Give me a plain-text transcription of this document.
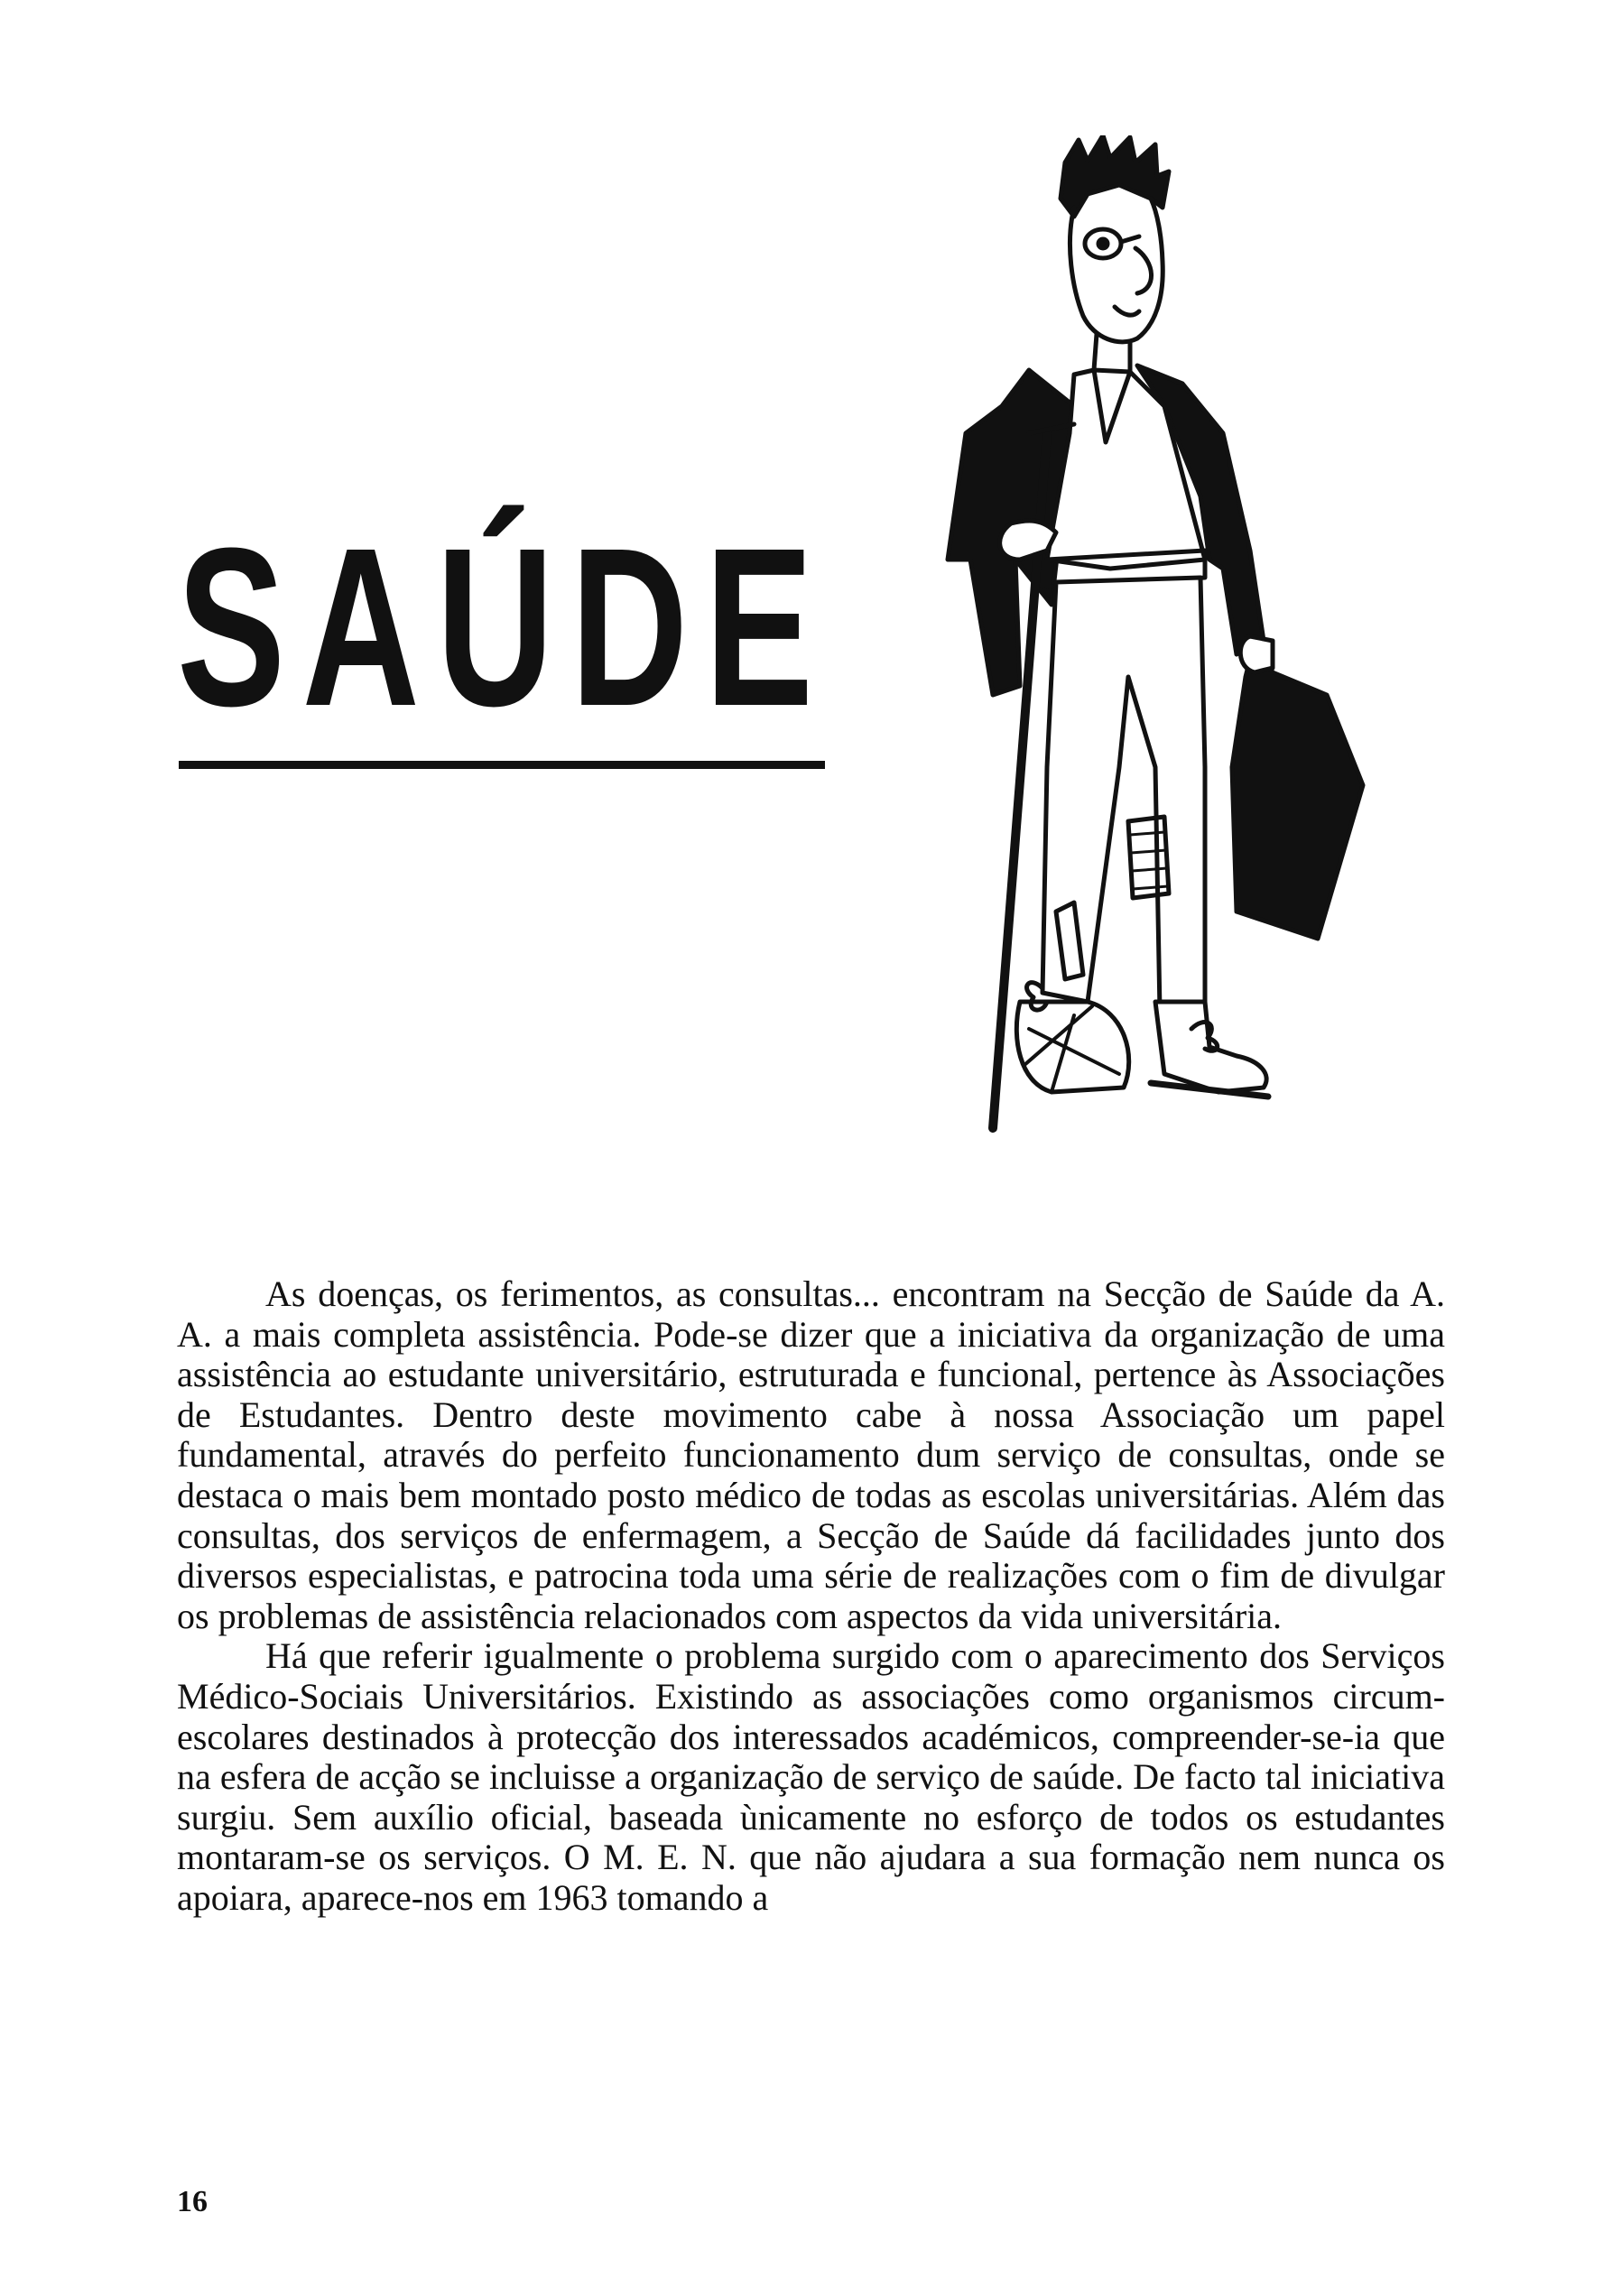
SAÚDE

As doenças, os ferimentos, as consultas... encontram na Secção de Saúde da A. A. a mais completa assistência. Pode-se dizer que a iniciativa da organização de uma assistência ao estudante universitário, estruturada e funcional, pertence às Associações de Estudantes. Dentro deste movimento cabe à nossa Associação um papel fundamental, através do perfeito funcionamento dum serviço de consultas, onde se destaca o mais bem montado posto médico de todas as escolas universitárias. Além das consultas, dos serviços de enfermagem, a Secção de Saúde dá facilidades junto dos diversos especialistas, e patrocina toda uma série de realizações com o fim de divulgar os problemas de assistência relacionados com aspectos da vida universitária.

Há que referir igualmente o problema surgido com o aparecimento dos Serviços Médico-Sociais Universitários. Existindo as associações como organismos circum-escolares destinados à protecção dos interessados académicos, compreender-se-ia que na esfera de acção se incluisse a organização de serviço de saúde. De facto tal iniciativa surgiu. Sem auxílio oficial, baseada ùnicamente no esforço de todos os estudantes montaram-se os serviços. O M. E. N. que não ajudara a sua formação nem nunca os apoiara, aparece-nos em 1963 tomando a

16
